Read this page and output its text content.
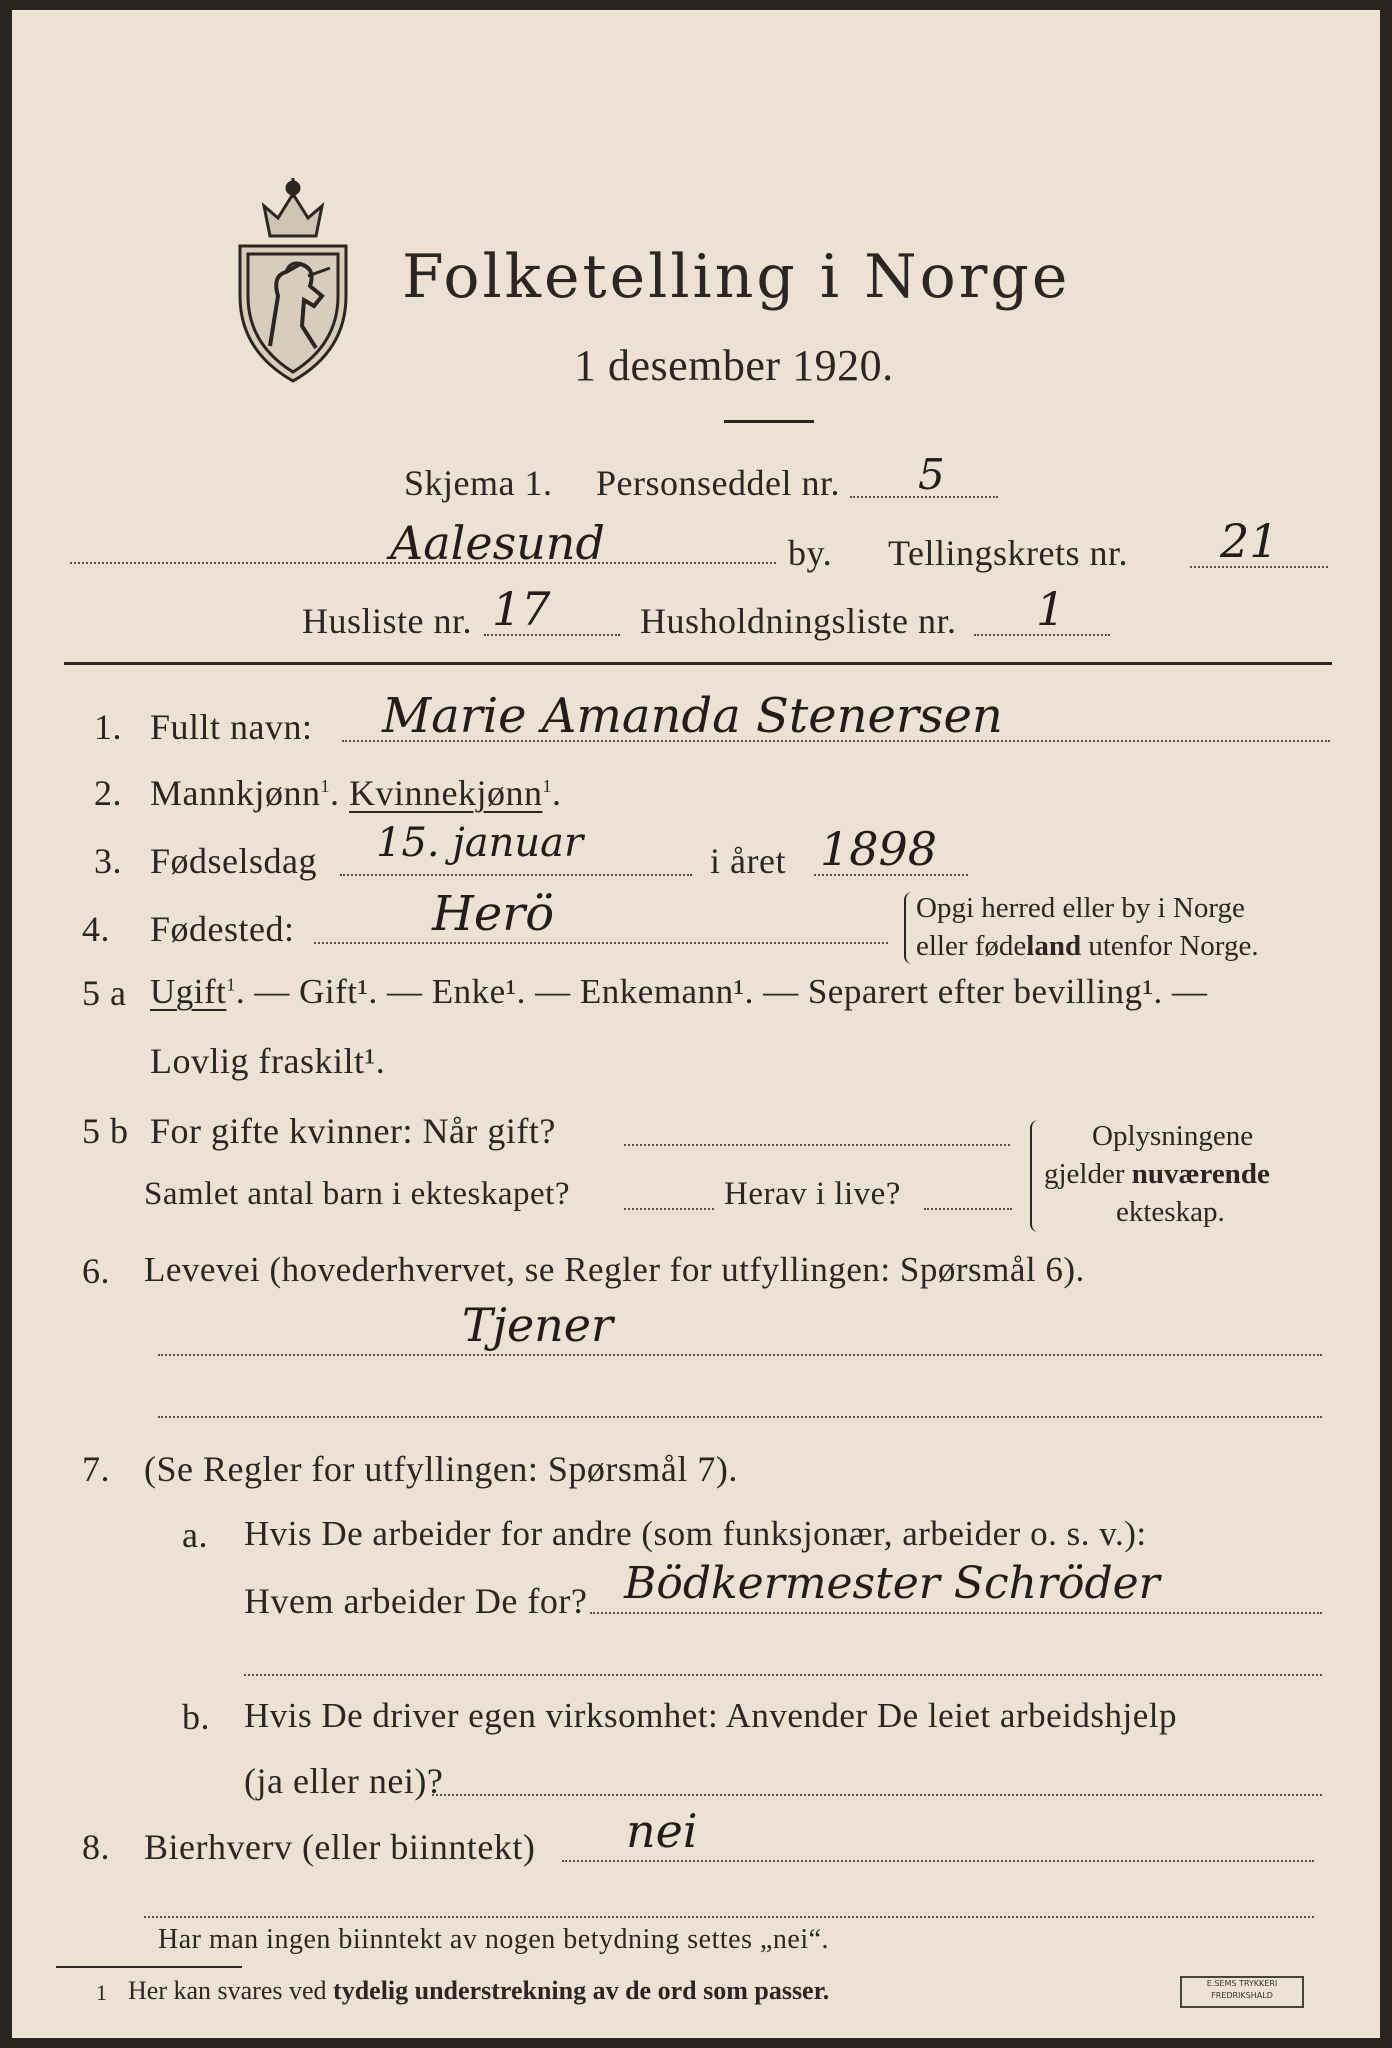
Folketelling i Norge
1 desember 1920.
Skjema 1. Personseddel nr. 5
Aalesund	by. Tellingskrets nr. 21
Husliste nr. 17 Husholdningsliste nr. 1
1. Fullt navn: Marie Amanda Stenersen
2. Mannkjønn$^1$. Kvinnekjønn$^1$.
3. Fødselsdag 15. januar	i året 1898
4. Fødested:	Herö	Opgi herred eller by i Norge
eller fødeland utenfor Norge.
5 a Ugift$^1$. — Gift¹. — Enke¹. — Enkemann¹. — Separert efter bevilling¹. —
Lovlig fraskilt¹.
5 b For gifte kvinner: Når gift?
Samlet antal barn i ekteskapet?	Herav i live?
Oplysningene
gjelder nuværende
ekteskap.
6. Levevei (hovederhvervet, se Regler for utfyllingen: Spørsmål 6).
Tjener
7. (Se Regler for utfyllingen: Spørsmål 7).
a. Hvis De arbeider for andre (som funksjonær, arbeider o. s. v.):
Hvem arbeider De for? Bödkermester Schröder
b. Hvis De driver egen virksomhet: Anvender De leiet arbeidshjelp
(ja eller nei)?
8. Bierhverv (eller biinntekt) nei
Har man ingen biinntekt av nogen betydning settes „nei“.
1 Her kan svares ved tydelig understrekning av de ord som passer.	E.SEMS TRYKKERI
FREDRIKSHALD
